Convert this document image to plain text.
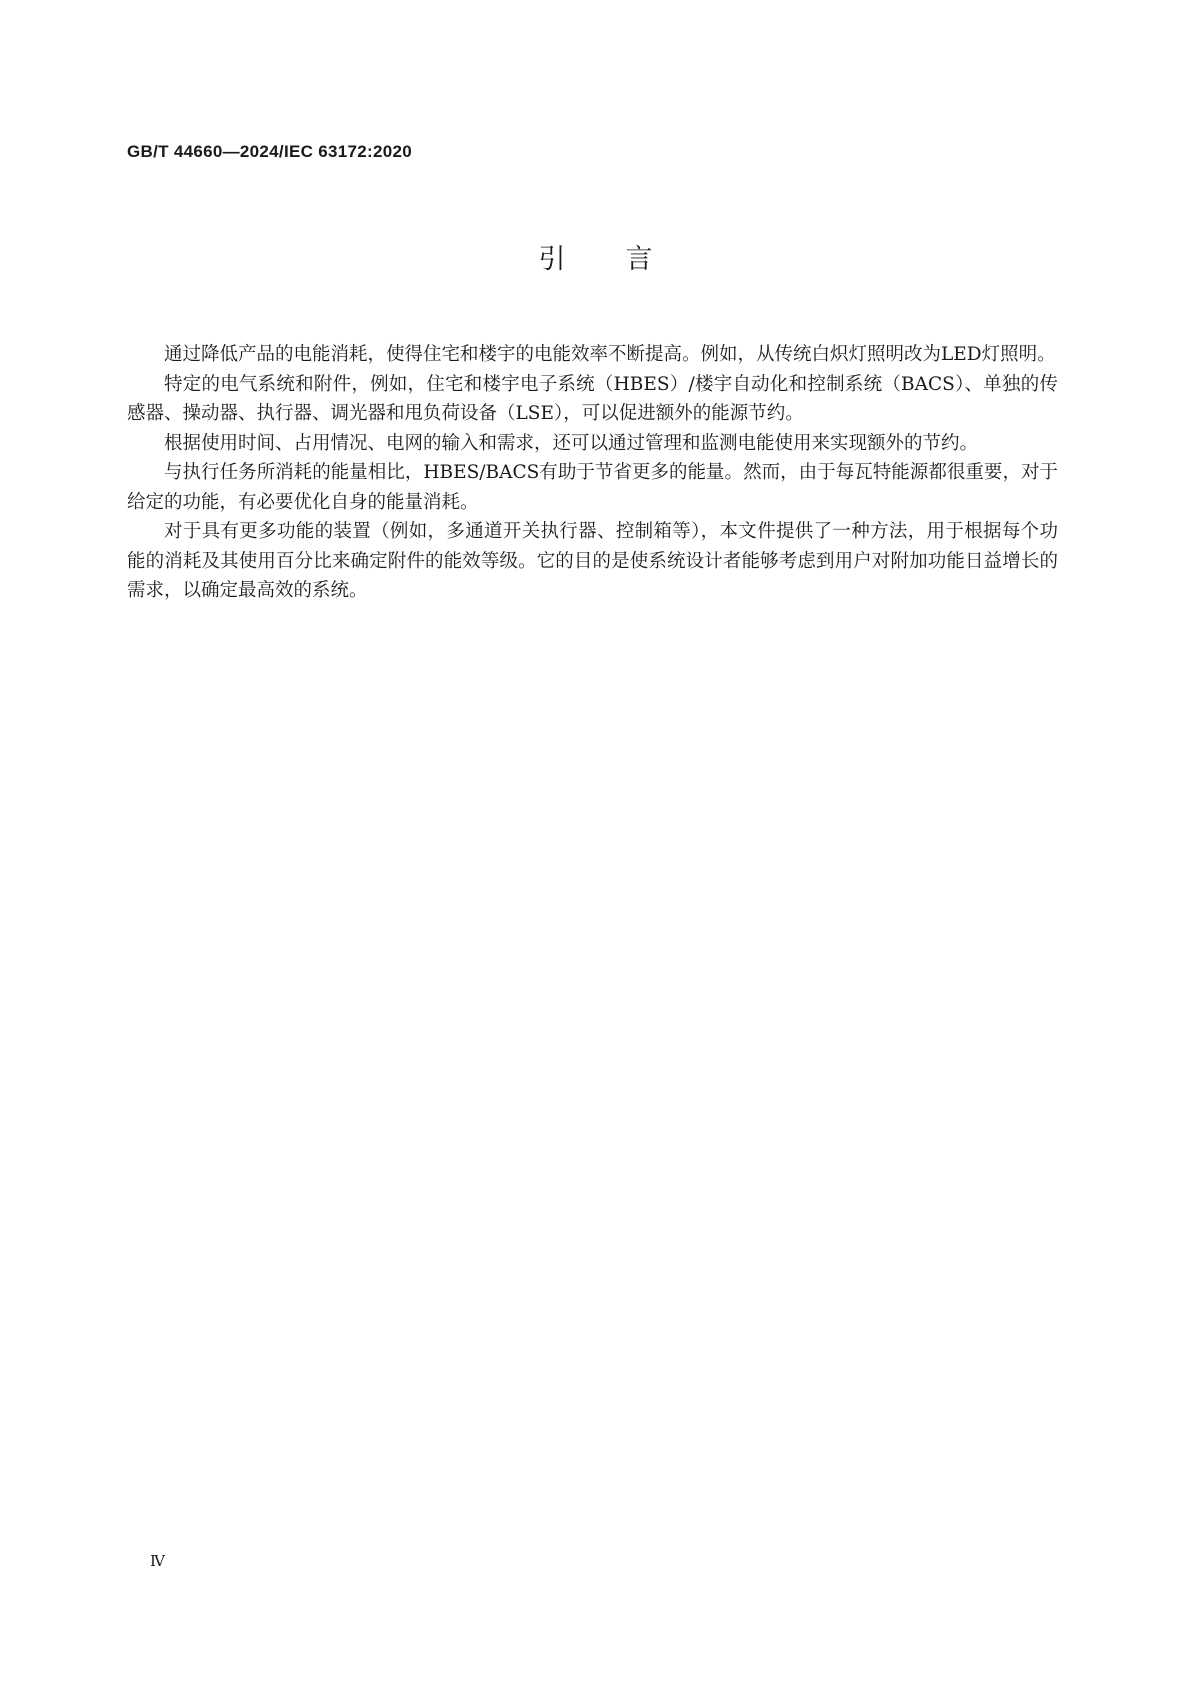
GB/T 44660—2024/IEC 63172:2020
引言

通过降低产品的电能消耗，使得住宅和楼宇的电能效率不断提高。例如，从传统白炽灯照明改为LED灯照明。

特定的电气系统和附件，例如，住宅和楼宇电子系统（HBES）/楼宇自动化和控制系统（BACS）、单独的传感器、操动器、执行器、调光器和甩负荷设备（LSE），可以促进额外的能源节约。

根据使用时间、占用情况、电网的输入和需求，还可以通过管理和监测电能使用来实现额外的节约。

与执行任务所消耗的能量相比，HBES/BACS有助于节省更多的能量。然而，由于每瓦特能源都很重要，对于给定的功能，有必要优化自身的能量消耗。

对于具有更多功能的装置（例如，多通道开关执行器、控制箱等），本文件提供了一种方法，用于根据每个功能的消耗及其使用百分比来确定附件的能效等级。它的目的是使系统设计者能够考虑到用户对附加功能日益增长的需求，以确定最高效的系统。

Ⅳ
